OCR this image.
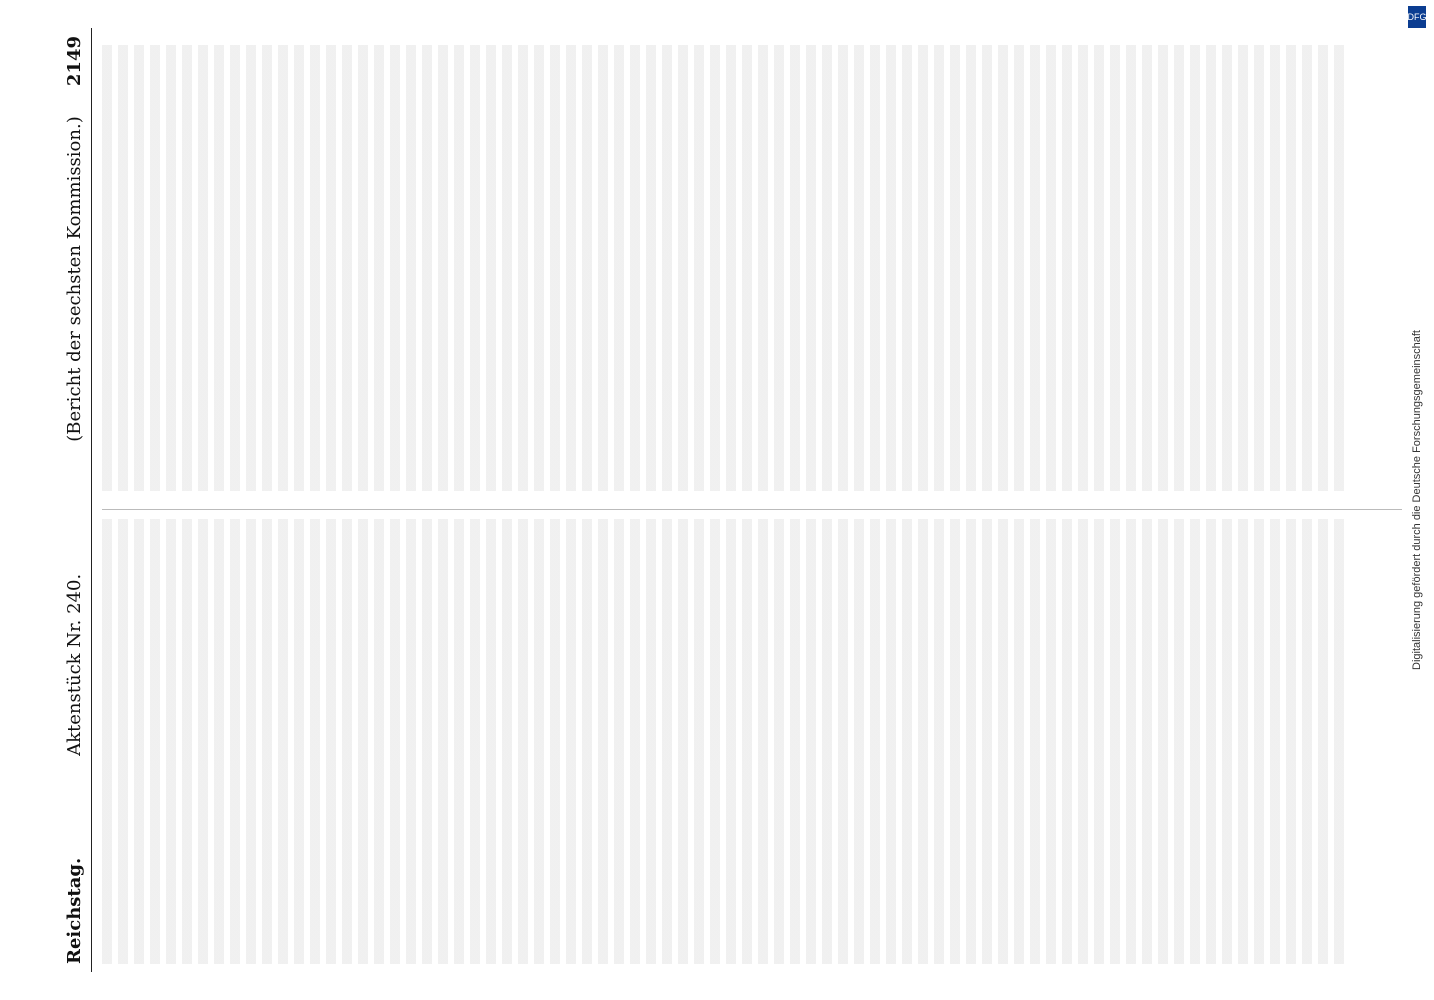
Reichstag.
Aktenstück Nr. 240.
(Bericht der sechsten Kommission.)
2149
DFG
Digitalisierung gefördert durch die Deutsche Forschungsgemeinschaft
